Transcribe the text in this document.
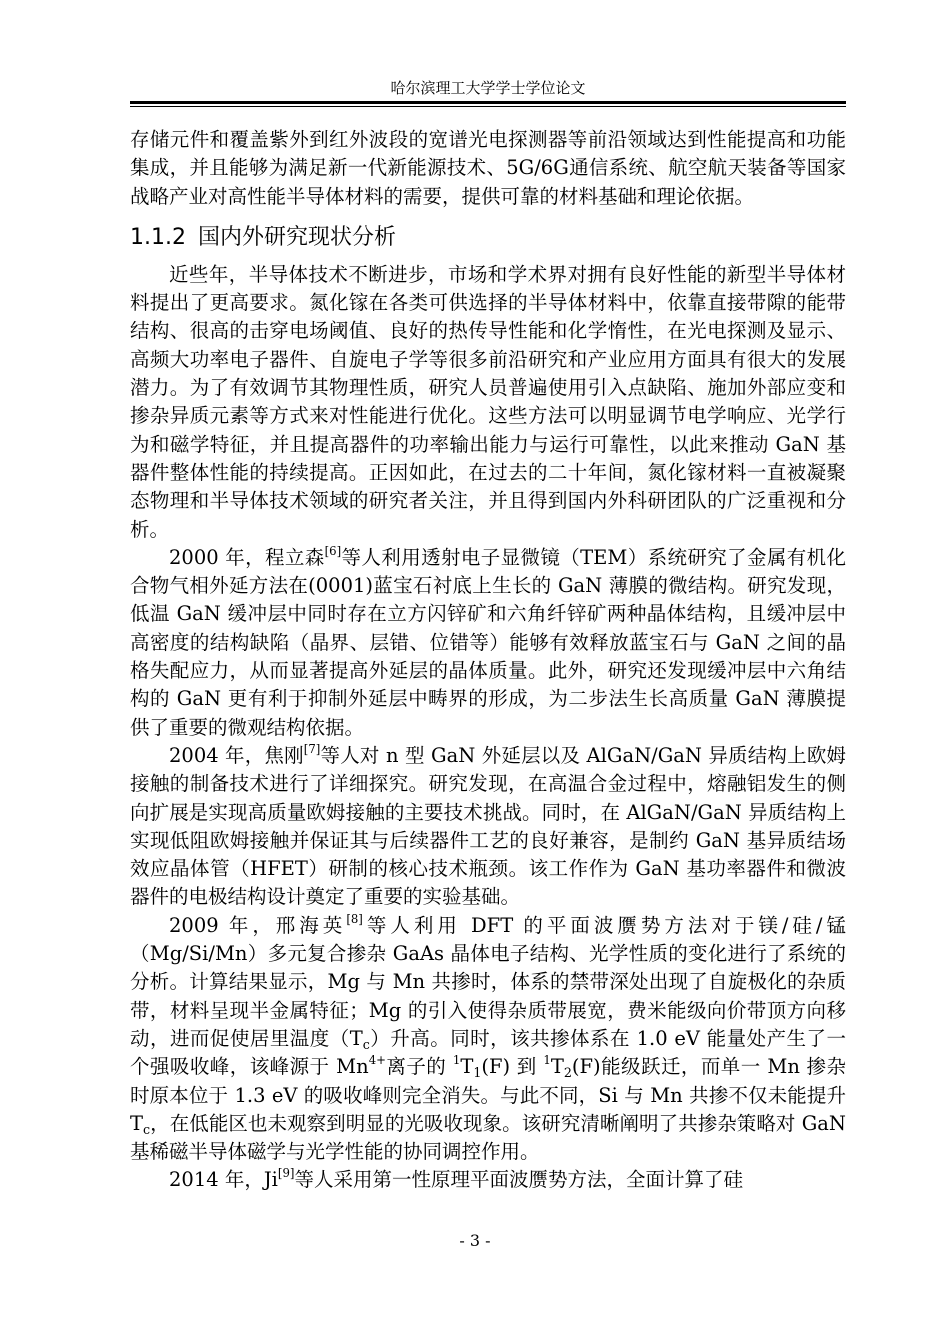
哈尔滨理工大学学士学位论文

存储元件和覆盖紫外到红外波段的宽谱光电探测器等前沿领域达到性能提高和功能集成，并且能够为满足新一代新能源技术、5G/6G通信系统、航空航天装备等国家战略产业对高性能半导体材料的需要，提供可靠的材料基础和理论依据。

1.1.2 国内外研究现状分析

近些年，半导体技术不断进步，市场和学术界对拥有良好性能的新型半导体材料提出了更高要求。氮化镓在各类可供选择的半导体材料中，依靠直接带隙的能带结构、很高的击穿电场阈值、良好的热传导性能和化学惰性，在光电探测及显示、高频大功率电子器件、自旋电子学等很多前沿研究和产业应用方面具有很大的发展潜力。为了有效调节其物理性质，研究人员普遍使用引入点缺陷、施加外部应变和掺杂异质元素等方式来对性能进行优化。这些方法可以明显调节电学响应、光学行为和磁学特征，并且提高器件的功率输出能力与运行可靠性，以此来推动 GaN 基器件整体性能的持续提高。正因如此，在过去的二十年间，氮化镓材料一直被凝聚态物理和半导体技术领域的研究者关注，并且得到国内外科研团队的广泛重视和分析。

2000 年，程立森[6]等人利用透射电子显微镜（TEM）系统研究了金属有机化合物气相外延方法在(0001)蓝宝石衬底上生长的 GaN 薄膜的微结构。研究发现，低温 GaN 缓冲层中同时存在立方闪锌矿和六角纤锌矿两种晶体结构，且缓冲层中高密度的结构缺陷（晶界、层错、位错等）能够有效释放蓝宝石与 GaN 之间的晶格失配应力，从而显著提高外延层的晶体质量。此外，研究还发现缓冲层中六角结构的 GaN 更有利于抑制外延层中畴界的形成，为二步法生长高质量 GaN 薄膜提供了重要的微观结构依据。

2004 年，焦刚[7]等人对 n 型 GaN 外延层以及 AlGaN/GaN 异质结构上欧姆接触的制备技术进行了详细探究。研究发现，在高温合金过程中，熔融铝发生的侧向扩展是实现高质量欧姆接触的主要技术挑战。同时，在 AlGaN/GaN 异质结构上实现低阻欧姆接触并保证其与后续器件工艺的良好兼容，是制约 GaN 基异质结场效应晶体管（HFET）研制的核心技术瓶颈。该工作作为 GaN 基功率器件和微波器件的电极结构设计奠定了重要的实验基础。

2009 年，邢海英[8]等人利用 DFT 的平面波赝势方法对于镁/硅/锰（Mg/Si/Mn）多元复合掺杂 GaAs 晶体电子结构、光学性质的变化进行了系统的分析。计算结果显示，Mg 与 Mn 共掺时，体系的禁带深处出现了自旋极化的杂质带，材料呈现半金属特征；Mg 的引入使得杂质带展宽，费米能级向价带顶方向移动，进而促使居里温度$(T_c)$升高。同时，该共掺体系在 1.0 eV 能量处产生了一个强吸收峰，该峰源于 $Mn^{4+}$离子的 $^1T_1(F)$ 到 $^1T_2(F)$能级跃迁，而单一 Mn 掺杂时原本位于 1.3 eV 的吸收峰则完全消失。与此不同，Si 与 Mn 共掺不仅未能提升 $T_c$，在低能区也未观察到明显的光吸收现象。该研究清晰阐明了共掺杂策略对 GaN 基稀磁半导体磁学与光学性能的协同调控作用。

2014 年，Ji[9]等人采用第一性原理平面波赝势方法，全面计算了硅

- 3 -
